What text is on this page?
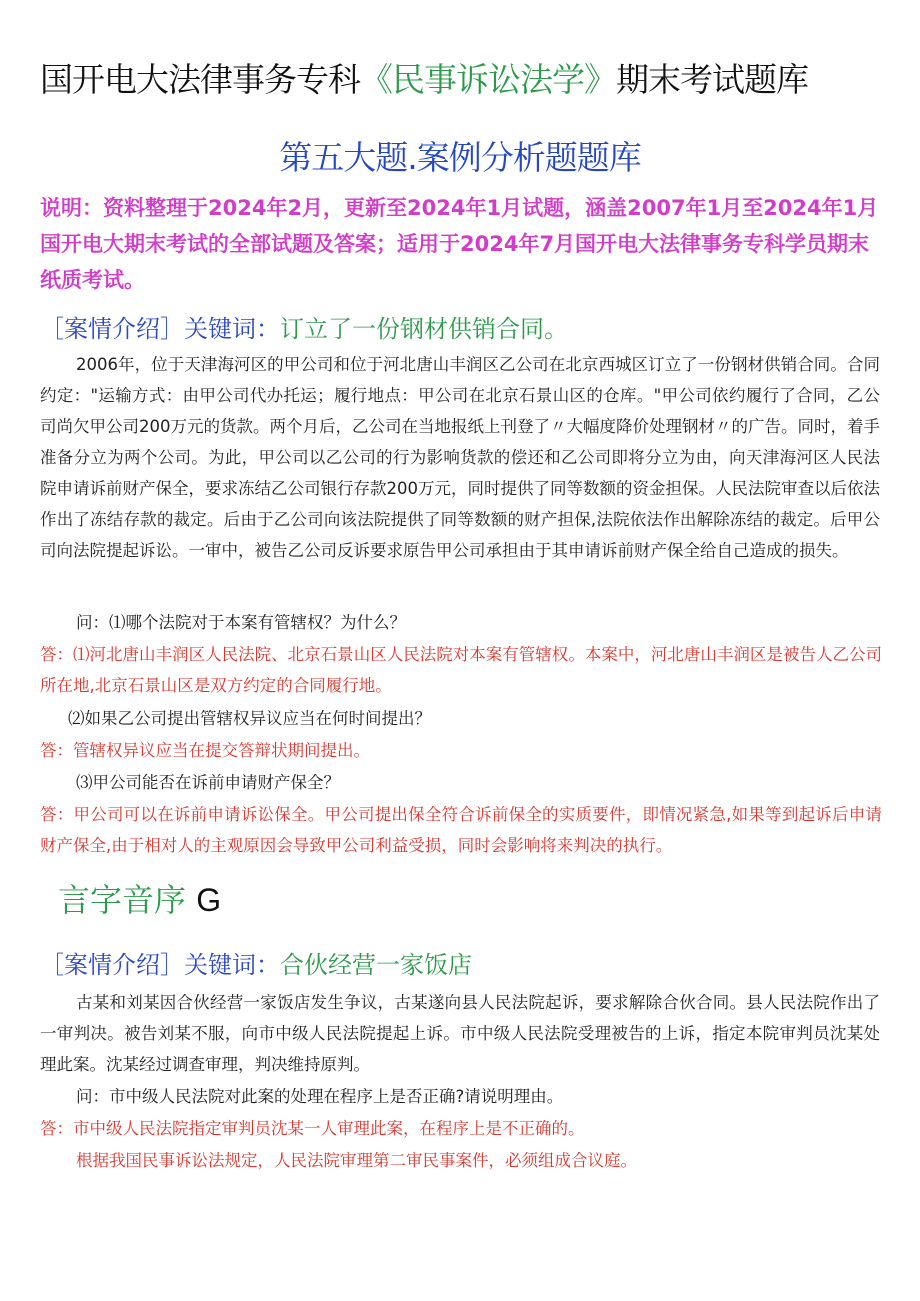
国开电大法律事务专科《民事诉讼法学》期末考试题库
第五大题.案例分析题题库
说明：资料整理于2024年2月，更新至2024年1月试题，涵盖2007年1月至2024年1月国开电大期末考试的全部试题及答案；适用于2024年7月国开电大法律事务专科学员期末纸质考试。
［案情介绍］关键词：订立了一份钢材供销合同。
2006年，位于天津海河区的甲公司和位于河北唐山丰润区乙公司在北京西城区订立了一份钢材供销合同。合同约定："运输方式：由甲公司代办托运；履行地点：甲公司在北京石景山区的仓库。"甲公司依约履行了合同，乙公司尚欠甲公司200万元的货款。两个月后，乙公司在当地报纸上刊登了〃大幅度降价处理钢材〃的广告。同时，着手准备分立为两个公司。为此，甲公司以乙公司的行为影响货款的偿还和乙公司即将分立为由，向天津海河区人民法院申请诉前财产保全，要求冻结乙公司银行存款200万元，同时提供了同等数额的资金担保。人民法院审查以后依法作出了冻结存款的裁定。后由于乙公司向该法院提供了同等数额的财产担保,法院依法作出解除冻结的裁定。后甲公司向法院提起诉讼。一审中，被告乙公司反诉要求原告甲公司承担由于其申请诉前财产保全给自己造成的损失。
问：⑴哪个法院对于本案有管辖权？为什么？
答：⑴河北唐山丰润区人民法院、北京石景山区人民法院对本案有管辖权。本案中，河北唐山丰润区是被告人乙公司所在地,北京石景山区是双方约定的合同履行地。
⑵如果乙公司提出管辖权异议应当在何时间提出？
答：管辖权异议应当在提交答辩状期间提出。
⑶甲公司能否在诉前申请财产保全？
答：甲公司可以在诉前申请诉讼保全。甲公司提出保全符合诉前保全的实质要件，即情况紧急,如果等到起诉后申请财产保全,由于相对人的主观原因会导致甲公司利益受损，同时会影响将来判决的执行。
言字音序 G
［案情介绍］关键词：合伙经营一家饭店
古某和刘某因合伙经营一家饭店发生争议，古某遂向县人民法院起诉，要求解除合伙合同。县人民法院作出了一审判决。被告刘某不服，向市中级人民法院提起上诉。市中级人民法院受理被告的上诉，指定本院审判员沈某处理此案。沈某经过调查审理，判决维持原判。
问：市中级人民法院对此案的处理在程序上是否正确?请说明理由。
答：市中级人民法院指定审判员沈某一人审理此案，在程序上是不正确的。
根据我国民事诉讼法规定，人民法院审理第二审民事案件，必须组成合议庭。
